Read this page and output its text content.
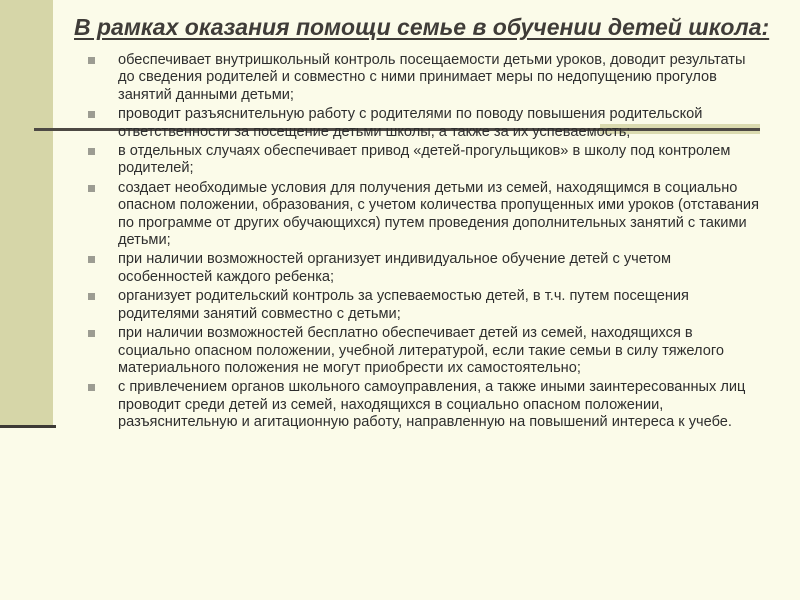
В рамках оказания помощи семье в обучении детей школа:
обеспечивает внутришкольный контроль посещаемости детьми уроков, доводит результаты до сведения родителей и совместно с ними принимает меры по недопущению прогулов занятий данными детьми;
проводит разъяснительную работу с родителями по поводу повышения родительской ответственности за посещение детьми школы, а также за их успеваемость;
в отдельных случаях обеспечивает привод «детей-прогульщиков» в школу под контролем родителей;
создает необходимые условия для получения детьми из семей, находящимся в социально опасном положении, образования, с учетом количества пропущенных ими уроков (отставания по программе от других обучающихся) путем проведения дополнительных занятий с такими детьми;
при наличии возможностей организует индивидуальное обучение детей с учетом особенностей каждого ребенка;
организует родительский контроль за успеваемостью детей, в т.ч. путем посещения родителями занятий совместно с детьми;
при наличии возможностей бесплатно обеспечивает детей из семей, находящихся в социально опасном положении, учебной литературой, если такие семьи в силу тяжелого материального положения не могут приобрести их самостоятельно;
с привлечением органов школьного самоуправления, а также иными заинтересованных лиц проводит среди детей из семей, находящихся в социально опасном положении, разъяснительную и агитационную работу, направленную на повышений интереса к учебе.
